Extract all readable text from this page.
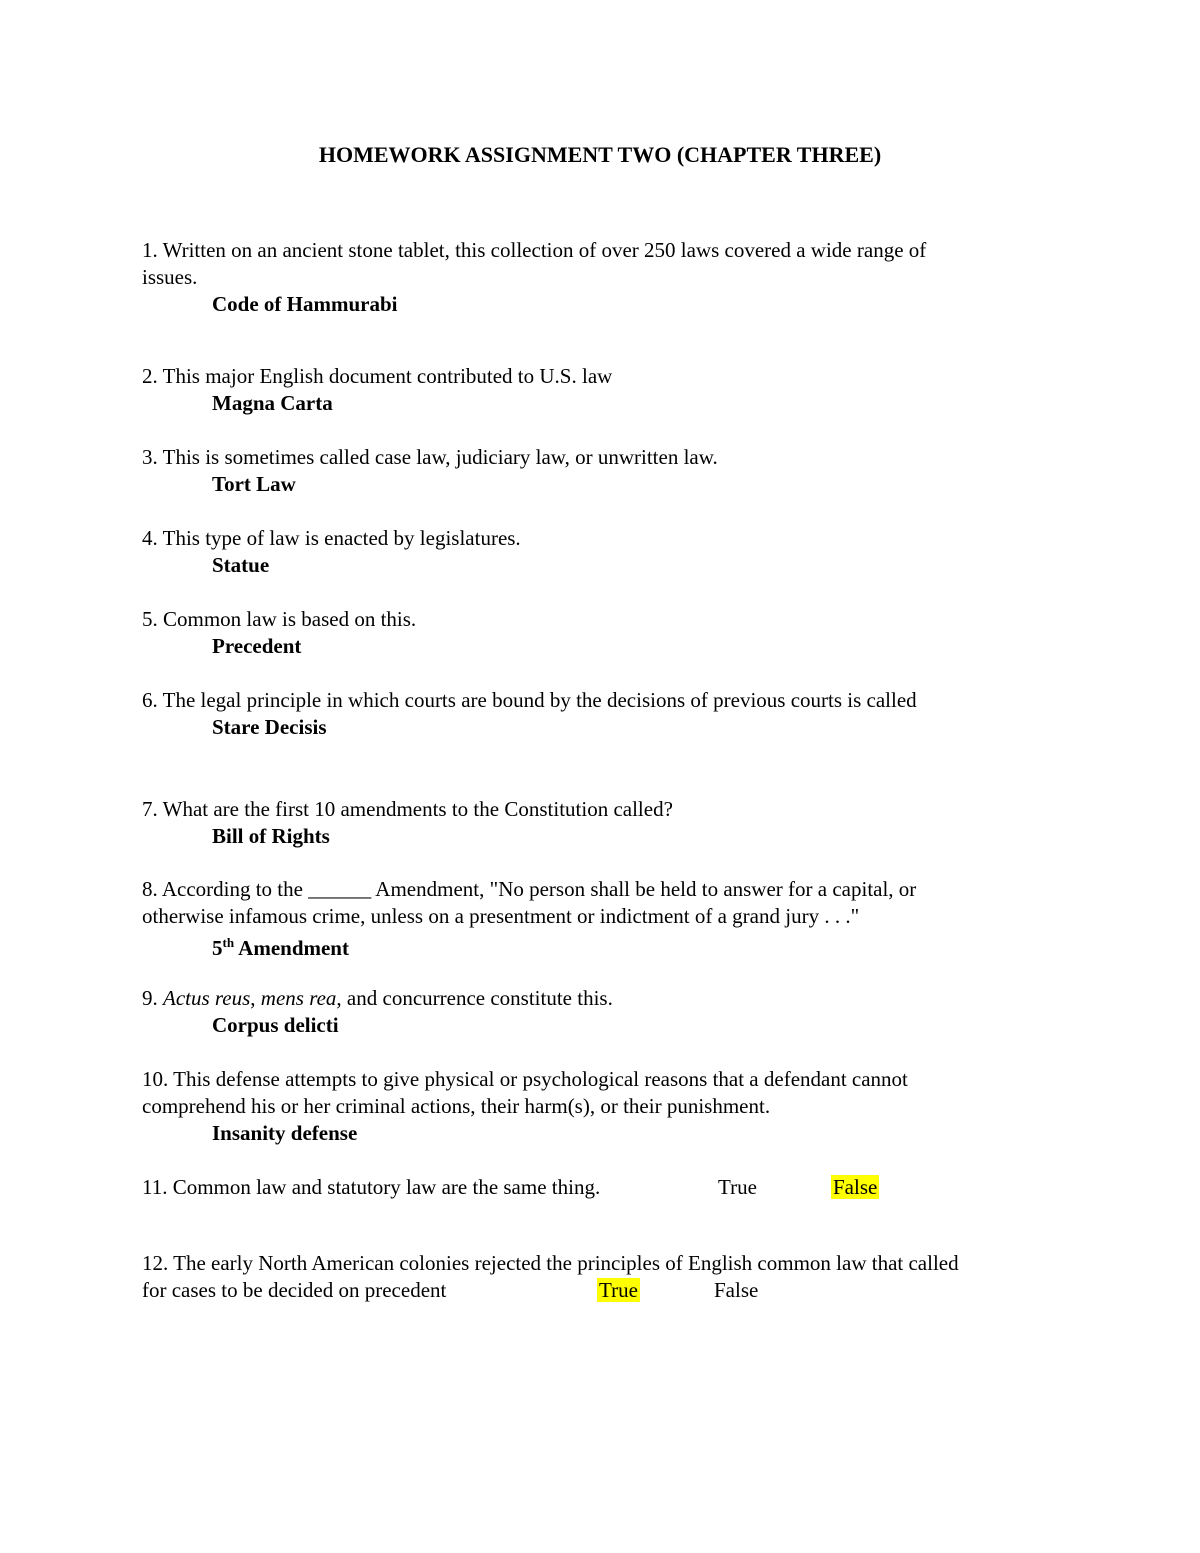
HOMEWORK ASSIGNMENT TWO (CHAPTER THREE)
1. Written on an ancient stone tablet, this collection of over 250 laws covered a wide range of
issues.
Code of Hammurabi
2. This major English document contributed to U.S. law
Magna Carta
3. This is sometimes called case law, judiciary law, or unwritten law.
Tort Law
4. This type of law is enacted by legislatures.
Statue
5. Common law is based on this.
Precedent
6. The legal principle in which courts are bound by the decisions of previous courts is called
Stare Decisis
7. What are the first 10 amendments to the Constitution called?
Bill of Rights
8. According to the ______ Amendment, "No person shall be held to answer for a capital, or
otherwise infamous crime, unless on a presentment or indictment of a grand jury . . ."
5th Amendment
9. Actus reus, mens rea, and concurrence constitute this.
Corpus delicti
10. This defense attempts to give physical or psychological reasons that a defendant cannot
comprehend his or her criminal actions, their harm(s), or their punishment.
Insanity defense
11. Common law and statutory law are the same thing.	True	False
12. The early North American colonies rejected the principles of English common law that called
for cases to be decided on precedent	True	False
